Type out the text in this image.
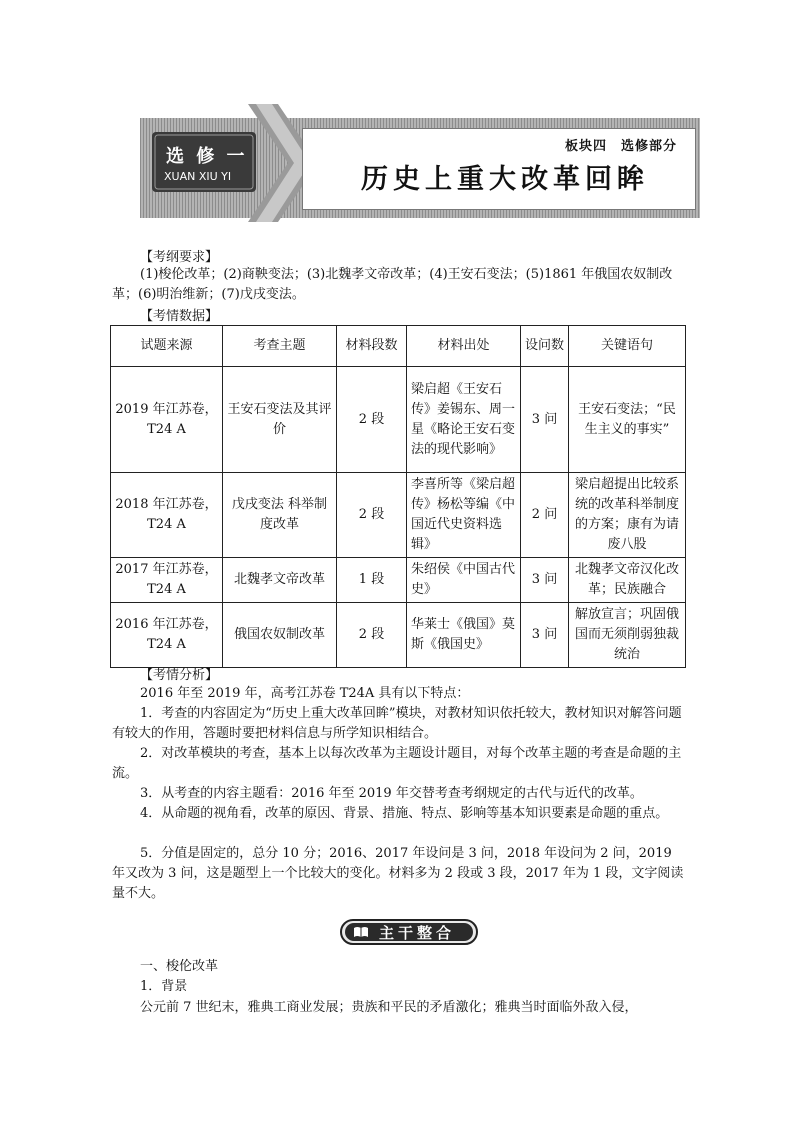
选 修 一
XUAN XIU YI
板块四　选修部分
历史上重大改革回眸
【考纲要求】
(1)梭伦改革；(2)商鞅变法；(3)北魏孝文帝改革；(4)王安石变法；(5)1861 年俄国农奴制改革；(6)明治维新；(7)戊戌变法。
【考情数据】
试题来源	考查主题	材料段数	材料出处	设问数	关键语句
2019 年江苏卷，T24 A	王安石变法及其评价	2 段	梁启超《王安石传》姜锡东、周一星《略论王安石变法的现代影响》	3 问	王安石变法；“民生主义的事实”
2018 年江苏卷，T24 A	戊戌变法 科举制度改革	2 段	李喜所等《梁启超传》杨松等编《中国近代史资料选辑》	2 问	梁启超提出比较系统的改革科举制度的方案；康有为请废八股
2017 年江苏卷，T24 A	北魏孝文帝改革	1 段	朱绍侯《中国古代史》	3 问	北魏孝文帝汉化改革；民族融合
2016 年江苏卷，T24 A	俄国农奴制改革	2 段	华莱士《俄国》莫斯《俄国史》	3 问	解放宣言；巩固俄国而无须削弱独裁统治
【考情分析】
2016 年至 2019 年，高考江苏卷 T24A 具有以下特点：
1．考查的内容固定为“历史上重大改革回眸”模块，对教材知识依托较大，教材知识对解答问题有较大的作用，答题时要把材料信息与所学知识相结合。
2．对改革模块的考查，基本上以每次改革为主题设计题目，对每个改革主题的考查是命题的主流。
3．从考查的内容主题看：2016 年至 2019 年交替考查考纲规定的古代与近代的改革。
4．从命题的视角看，改革的原因、背景、措施、特点、影响等基本知识要素是命题的重点。
5．分值是固定的，总分 10 分；2016、2017 年设问是 3 问，2018 年设问为 2 问，2019 年又改为 3 问，这是题型上一个比较大的变化。材料多为 2 段或 3 段，2017 年为 1 段，文字阅读量不大。
主干整合
一、梭伦改革
1．背景
公元前 7 世纪末，雅典工商业发展；贵族和平民的矛盾激化；雅典当时面临外敌入侵，
